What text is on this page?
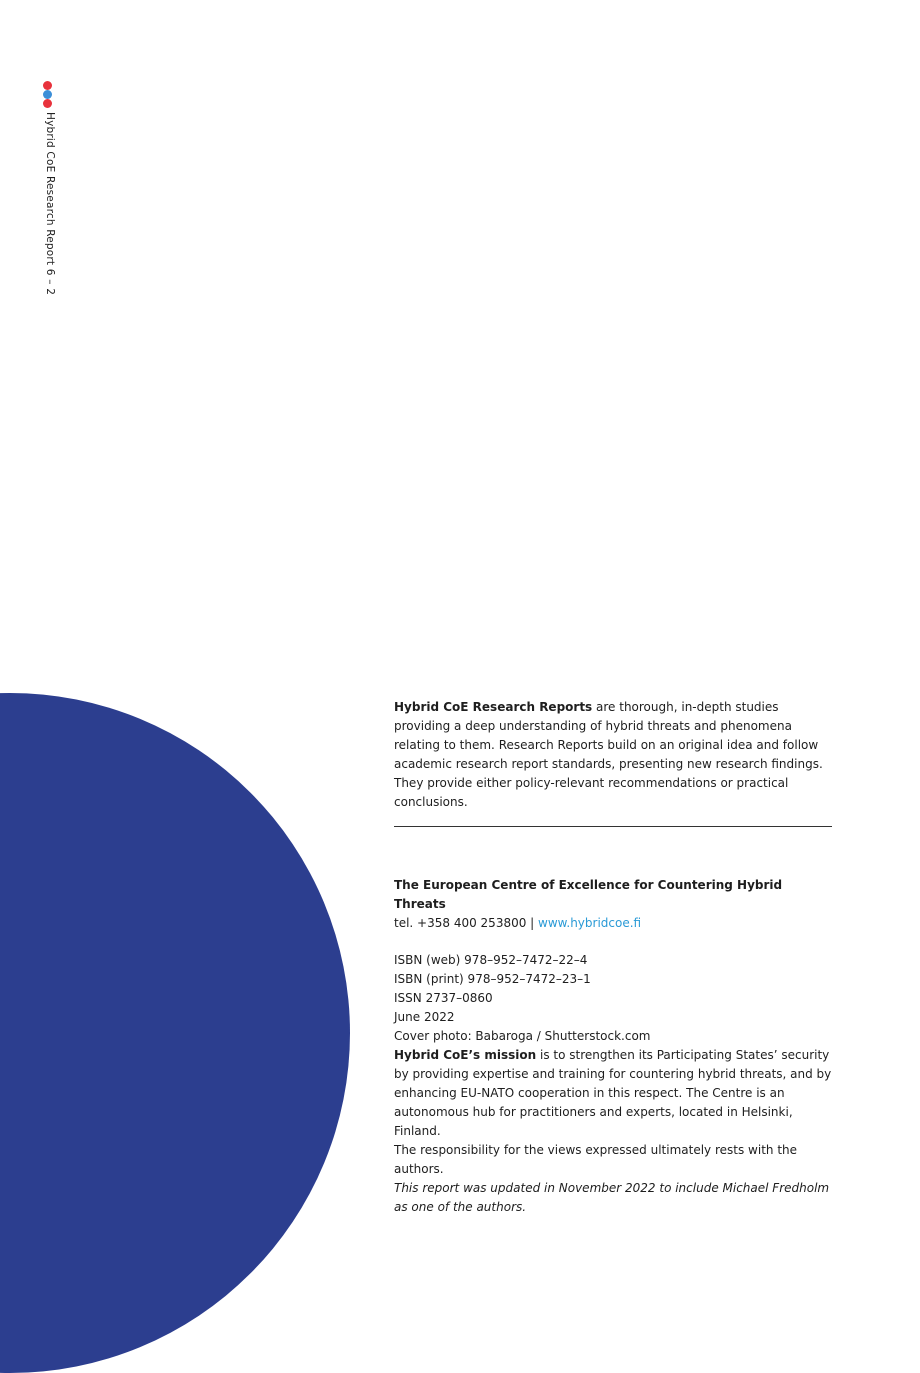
Hybrid CoE Research Report 6 – 2

Hybrid CoE Research Reports are thorough, in-depth studies providing a deep understanding of hybrid threats and phenomena relating to them. Research Reports build on an original idea and follow academic research report standards, presenting new research findings. They provide either policy-relevant recommendations or practical conclusions.

The European Centre of Excellence for Countering Hybrid Threats

tel. +358 400 253800 | www.hybridcoe.fi

ISBN (web) 978–952–7472–22–4

ISBN (print) 978–952–7472–23–1

ISSN 2737–0860

June 2022

Cover photo: Babaroga / Shutterstock.com

Hybrid CoE’s mission is to strengthen its Participating States’ security by providing expertise and training for countering hybrid threats, and by enhancing EU-NATO cooperation in this respect. The Centre is an autonomous hub for practitioners and experts, located in Helsinki, Finland.

The responsibility for the views expressed ultimately rests with the authors.

This report was updated in November 2022 to include Michael Fredholm as one of the authors.
